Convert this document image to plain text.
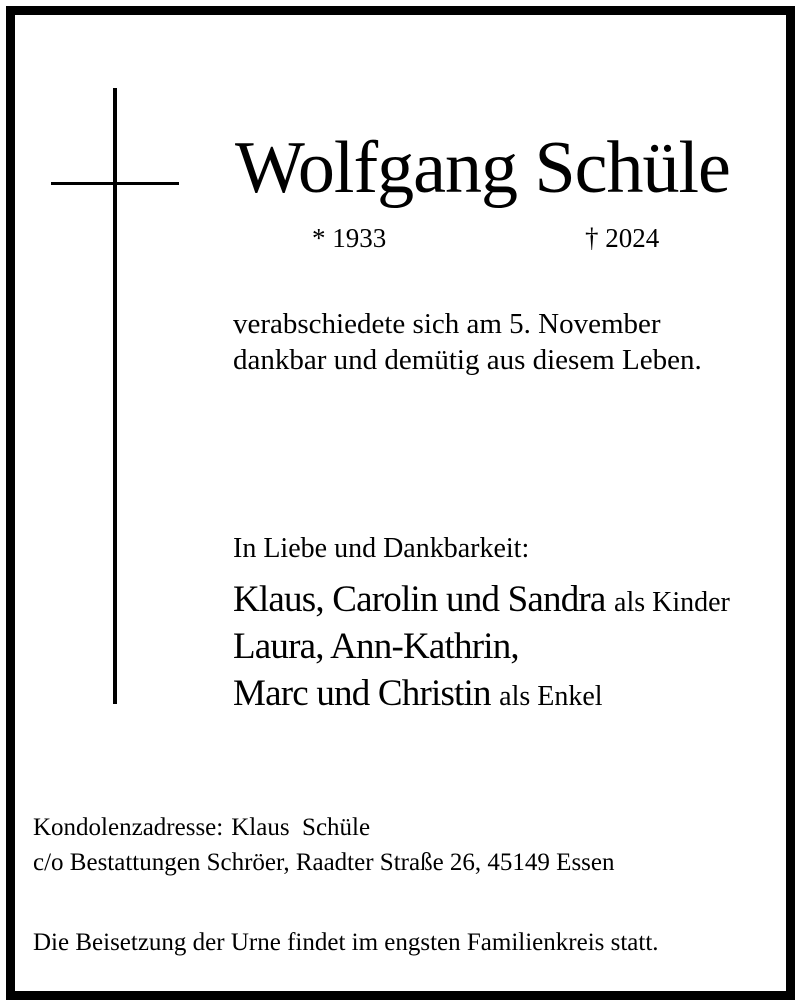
Wolfgang Schüle
* 1933	† 2024
verabschiedete sich am 5. November
dankbar und demütig aus diesem Leben.
In Liebe und Dankbarkeit:
Klaus, Carolin und Sandra als Kinder
Laura, Ann-Kathrin,
Marc und Christin als Enkel
Kondolenzadresse: Klaus  Schüle
c/o Bestattungen Schröer, Raadter Straße 26, 45149 Essen
Die Beisetzung der Urne findet im engsten Familienkreis statt.
